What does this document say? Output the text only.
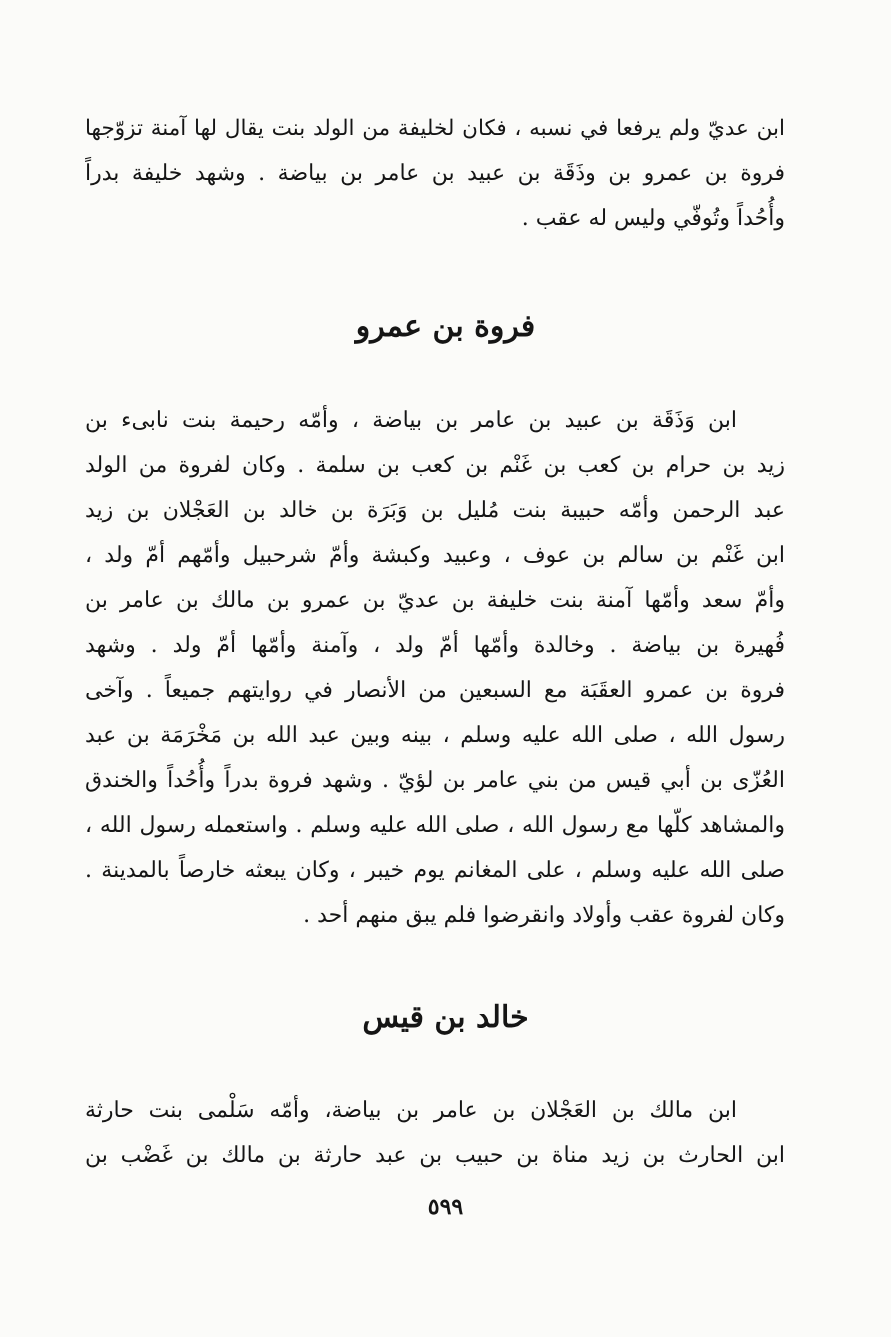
ابن عديّ ولم يرفعا في نسبه ، فكان لخليفة من الولد بنت يقال لها آمنة تزوّجها
فروة بن عمرو بن وذَقَة بن عبيد بن عامر بن بياضة . وشهد خليفة بدراً
وأُحُداً وتُوفّي وليس له عقب .
فروة بن عمرو
ابن وَذَقَة بن عبيد بن عامر بن بياضة ، وأمّه رحيمة بنت نابىء بن
زيد بن حرام بن كعب بن غَنْم بن كعب بن سلمة . وكان لفروة من الولد
عبد الرحمن وأمّه حبيبة بنت مُليل بن وَبَرَة بن خالد بن العَجْلان بن زيد
ابن غَنْم بن سالم بن عوف ، وعبيد وكبشة وأمّ شرحبيل وأمّهم أمّ ولد ،
وأمّ سعد وأمّها آمنة بنت خليفة بن عديّ بن عمرو بن مالك بن عامر بن
فُهيرة بن بياضة . وخالدة وأمّها أمّ ولد ، وآمنة وأمّها أمّ ولد . وشهد
فروة بن عمرو العقَبَة مع السبعين من الأنصار في روايتهم جميعاً . وآخى
رسول الله ، صلى الله عليه وسلم ، بينه وبين عبد الله بن مَخْرَمَة بن عبد
العُزّى بن أبي قيس من بني عامر بن لؤيّ . وشهد فروة بدراً وأُحُداً والخندق
والمشاهد كلّها مع رسول الله ، صلى الله عليه وسلم . واستعمله رسول الله ،
صلى الله عليه وسلم ، على المغانم يوم خيبر ، وكان يبعثه خارصاً بالمدينة .
وكان لفروة عقب وأولاد وانقرضوا فلم يبق منهم أحد .
خالد بن قيس
ابن مالك بن العَجْلان بن عامر بن بياضة، وأمّه سَلْمى بنت حارثة
ابن الحارث بن زيد مناة بن حبيب بن عبد حارثة بن مالك بن غَضْب بن
٥٩٩
